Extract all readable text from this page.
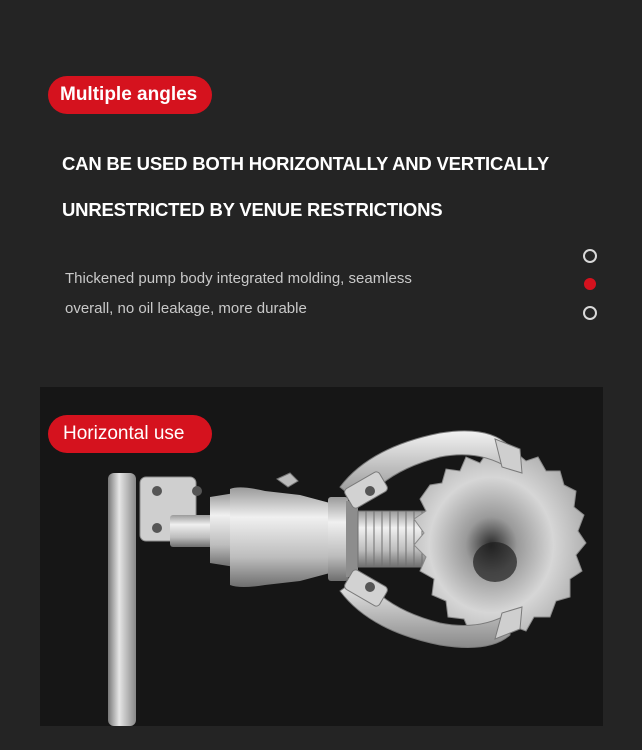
Multiple angles
CAN BE USED BOTH HORIZONTALLY AND VERTICALLY
UNRESTRICTED BY VENUE RESTRICTIONS
Thickened pump body integrated molding, seamless
overall, no oil leakage, more durable
Horizontal use
